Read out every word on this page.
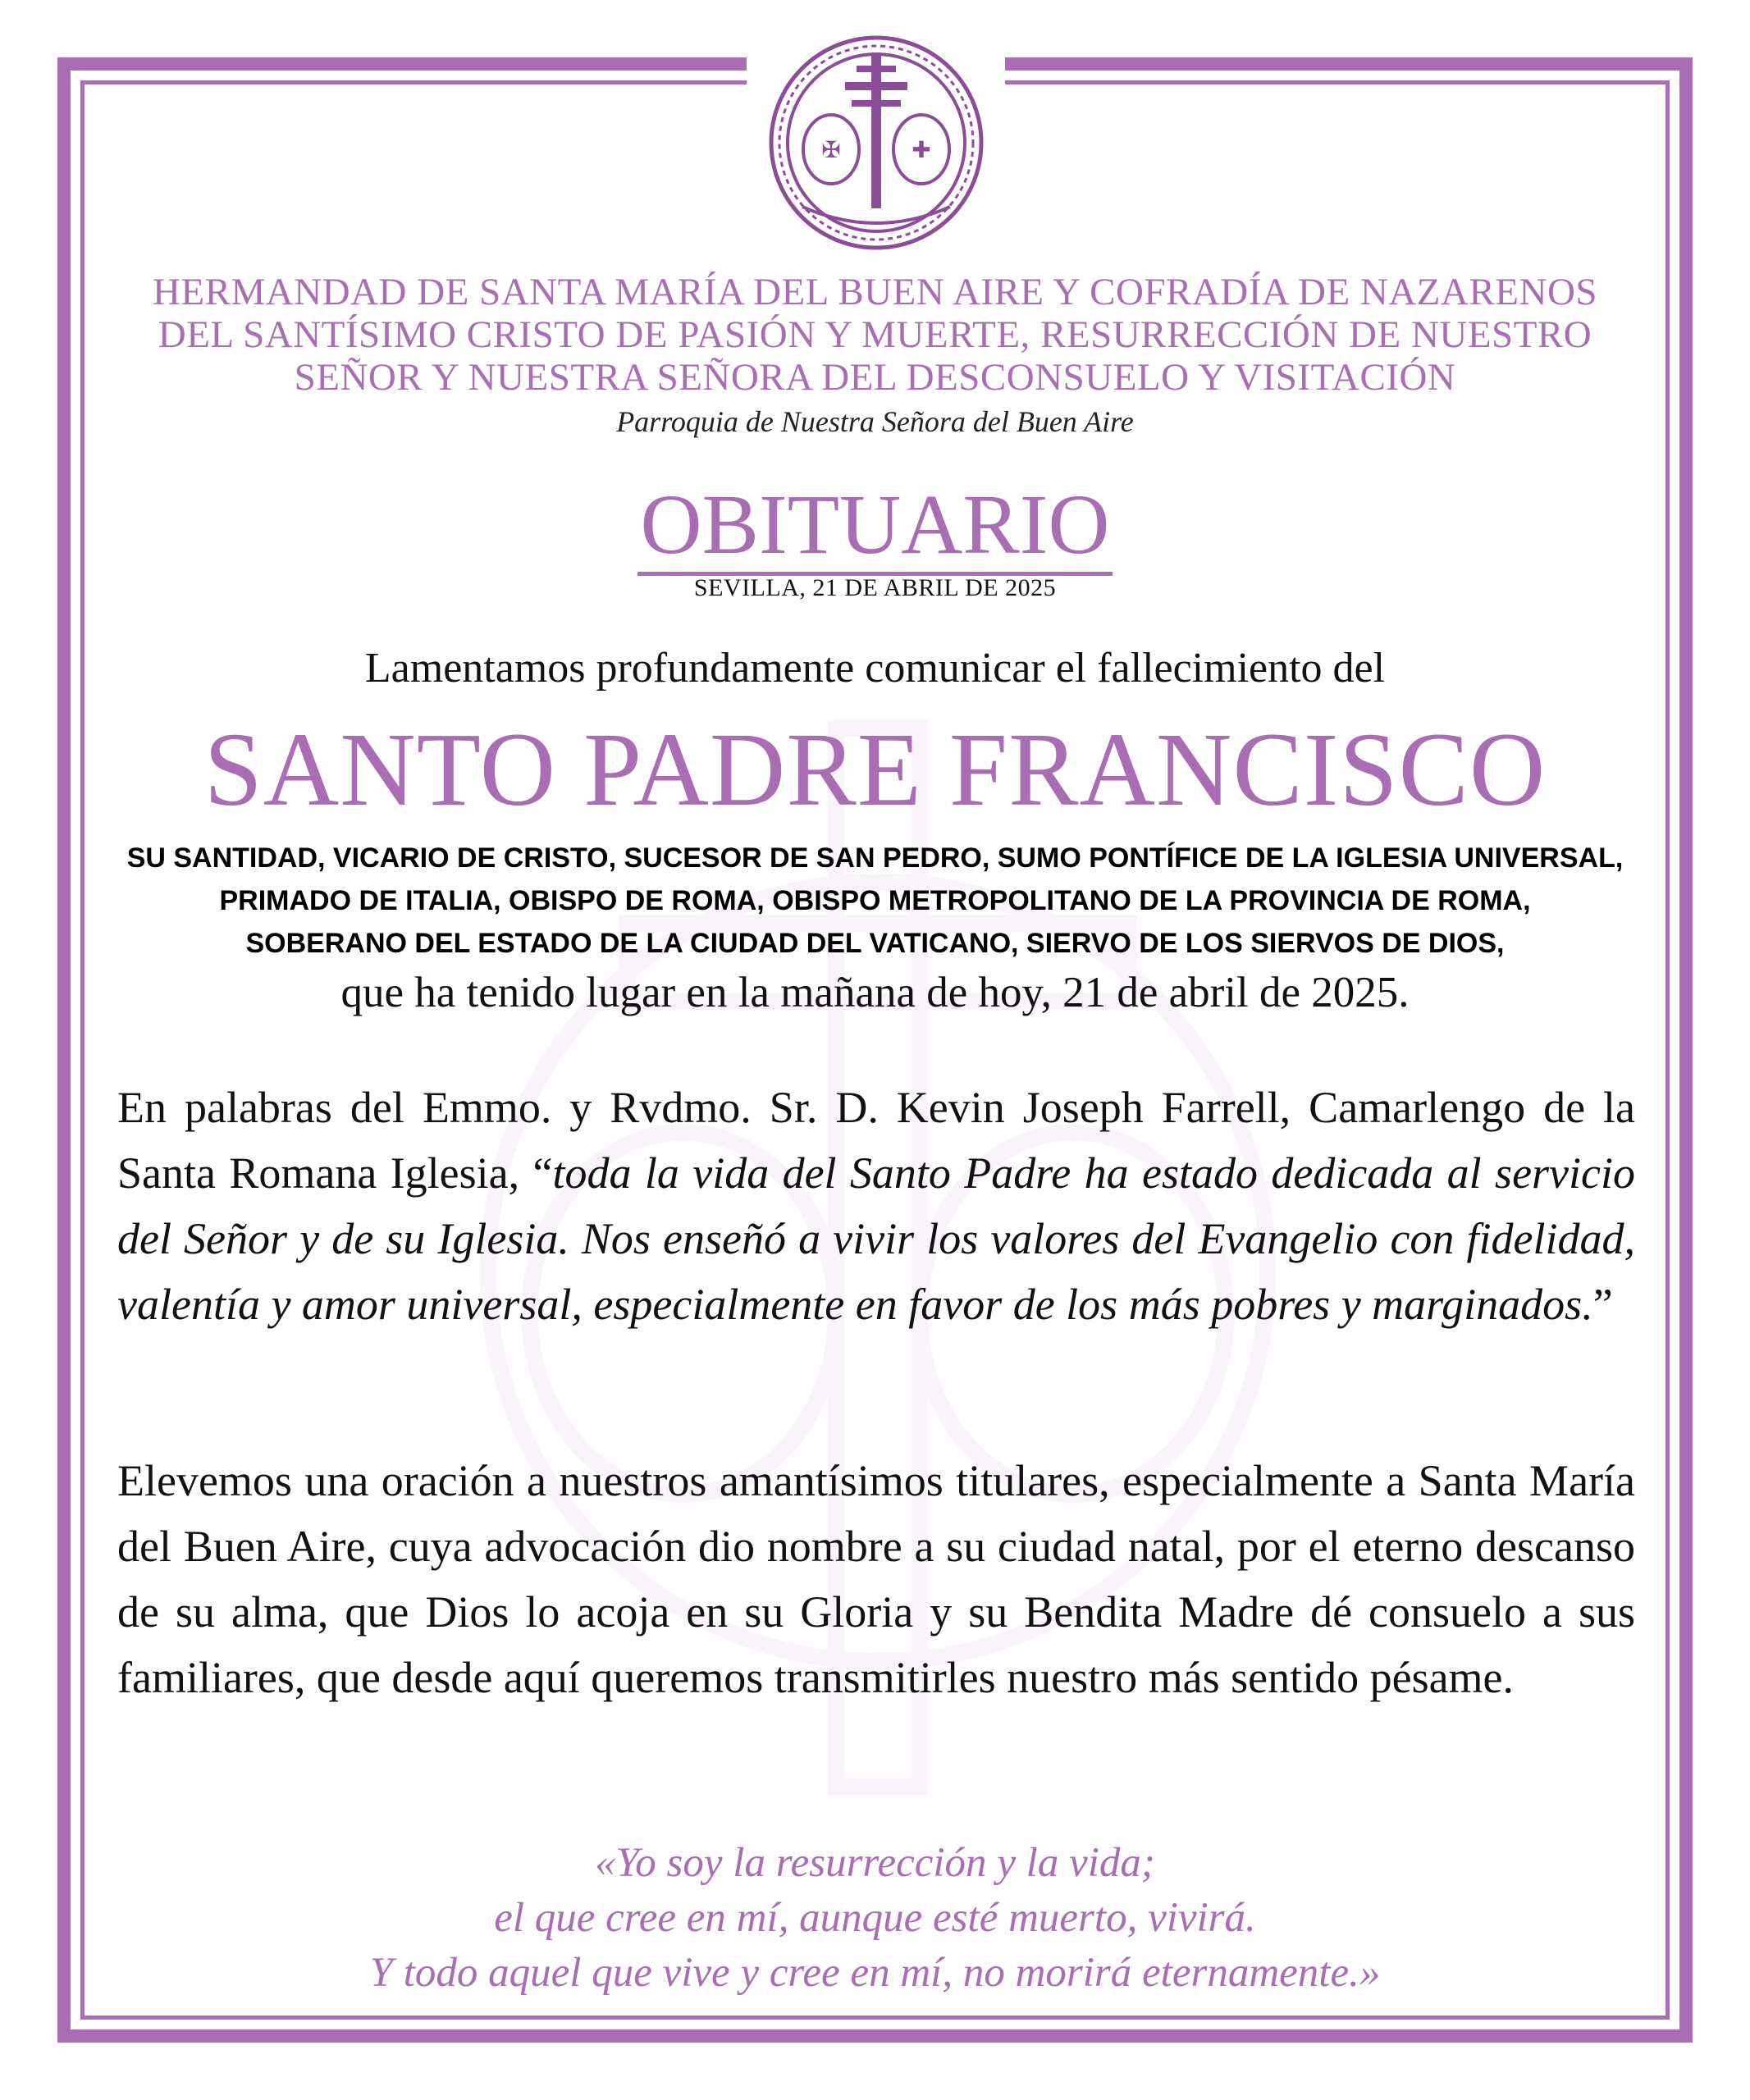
✠	✚
HERMANDAD DE SANTA MARÍA DEL BUEN AIRE Y COFRADÍA DE NAZARENOS
DEL SANTÍSIMO CRISTO DE PASIÓN Y MUERTE, RESURRECCIÓN DE NUESTRO
SEÑOR Y NUESTRA SEÑORA DEL DESCONSUELO Y VISITACIÓN
Parroquia de Nuestra Señora del Buen Aire
OBITUARIO
SEVILLA, 21 DE ABRIL DE 2025
Lamentamos profundamente comunicar el fallecimiento del
SANTO PADRE FRANCISCO
SU SANTIDAD, VICARIO DE CRISTO, SUCESOR DE SAN PEDRO, SUMO PONTÍFICE DE LA IGLESIA UNIVERSAL,
PRIMADO DE ITALIA, OBISPO DE ROMA, OBISPO METROPOLITANO DE LA PROVINCIA DE ROMA,
SOBERANO DEL ESTADO DE LA CIUDAD DEL VATICANO, SIERVO DE LOS SIERVOS DE DIOS,
que ha tenido lugar en la mañana de hoy, 21 de abril de 2025.
En palabras del Emmo. y Rvdmo. Sr. D. Kevin Joseph Farrell, Camarlengo de la Santa Romana Iglesia, “toda la vida del Santo Padre ha estado dedicada al servicio del Señor y de su Iglesia. Nos enseñó a vivir los valores del Evangelio con fidelidad, valentía y amor universal, especialmente en favor de los más pobres y marginados.”
Elevemos una oración a nuestros amantísimos titulares, especialmente a Santa María del Buen Aire, cuya advocación dio nombre a su ciudad natal, por el eterno descanso de su alma, que Dios lo acoja en su Gloria y su Bendita Madre dé consuelo a sus familiares, que desde aquí queremos transmitirles nuestro más sentido pésame.
«Yo soy la resurrección y la vida;
el que cree en mí, aunque esté muerto, vivirá.
Y todo aquel que vive y cree en mí, no morirá eternamente.»
